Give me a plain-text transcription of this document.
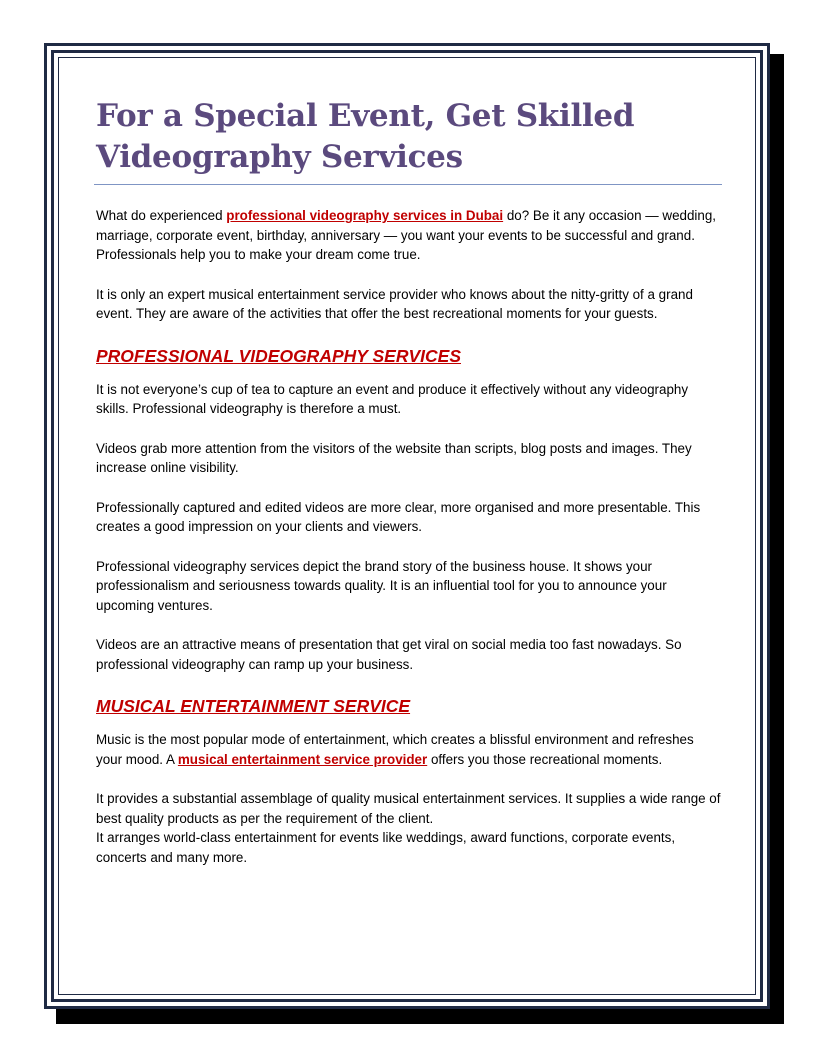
For a Special Event, Get Skilled Videography Services

What do experienced professional videography services in Dubai do? Be it any occasion — wedding, marriage, corporate event, birthday, anniversary — you want your events to be successful and grand. Professionals help you to make your dream come true.

It is only an expert musical entertainment service provider who knows about the nitty-gritty of a grand event. They are aware of the activities that offer the best recreational moments for your guests.

PROFESSIONAL VIDEOGRAPHY SERVICES

It is not everyone’s cup of tea to capture an event and produce it effectively without any videography skills. Professional videography is therefore a must.

Videos grab more attention from the visitors of the website than scripts, blog posts and images. They increase online visibility.

Professionally captured and edited videos are more clear, more organised and more presentable. This creates a good impression on your clients and viewers.

Professional videography services depict the brand story of the business house. It shows your professionalism and seriousness towards quality. It is an influential tool for you to announce your upcoming ventures.

Videos are an attractive means of presentation that get viral on social media too fast nowadays. So professional videography can ramp up your business.

MUSICAL ENTERTAINMENT SERVICE

Music is the most popular mode of entertainment, which creates a blissful environment and refreshes your mood. A musical entertainment service provider offers you those recreational moments.

It provides a substantial assemblage of quality musical entertainment services. It supplies a wide range of best quality products as per the requirement of the client.

It arranges world-class entertainment for events like weddings, award functions, corporate events, concerts and many more.
